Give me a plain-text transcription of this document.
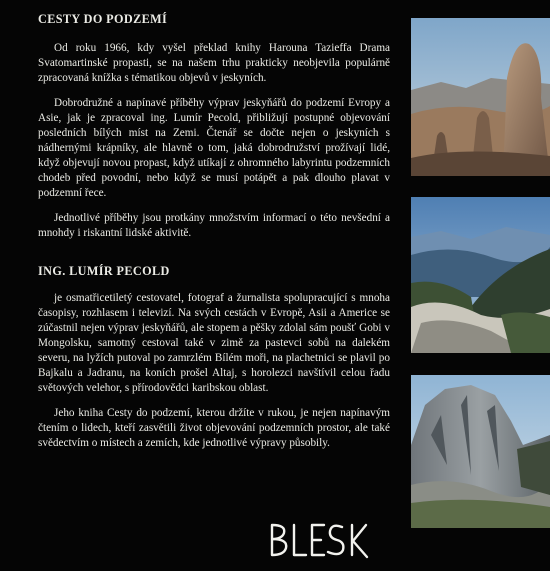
CESTY DO PODZEMÍ

Od roku 1966, kdy vyšel překlad knihy Harouna Tazieffa Drama Svatomartinské propasti, se na našem trhu prakticky neobjevila populárně zpracovaná knížka s tématikou objevů v jeskyních.

Dobrodružné a napínavé příběhy výprav jeskyňářů do podzemí Evropy a Asie, jak je zpracoval ing. Lumír Pecold, přibližují postupné objevování posledních bílých míst na Zemi. Čtenář se dočte nejen o jeskyních s nádhernými krápníky, ale hlavně o tom, jaká dobrodružství prožívají lidé, když objevují novou propast, když utíkají z ohromného labyrintu podzemních chodeb před povodní, nebo když se musí potápět a pak dlouho plavat v podzemní řece.

Jednotlivé příběhy jsou protkány množstvím informací o této nevšední a mnohdy i riskantní lidské aktivitě.

ING. LUMÍR PECOLD

je osmatřicetiletý cestovatel, fotograf a žurnalista spolupracující s mnoha časopisy, rozhlasem i televizí. Na svých cestách v Evropě, Asii a Americe se zúčastnil nejen výprav jeskyňářů, ale stopem a pěšky zdolal sám poušť Gobi v Mongolsku, samotný cestoval také v zimě za pastevci sobů na dalekém severu, na lyžích putoval po zamrzlém Bílém moři, na plachetnici se plavil po Bajkalu a Jadranu, na koních prošel Altaj, s horolezci navštívil celou řadu světových velehor, s přírodovědci karibskou oblast.

Jeho kniha Cesty do podzemí, kterou držíte v rukou, je nejen napínavým čtením o lidech, kteří zasvětili život objevování podzemních prostor, ale také svědectvím o místech a zemích, kde jednotlivé výpravy působily.
